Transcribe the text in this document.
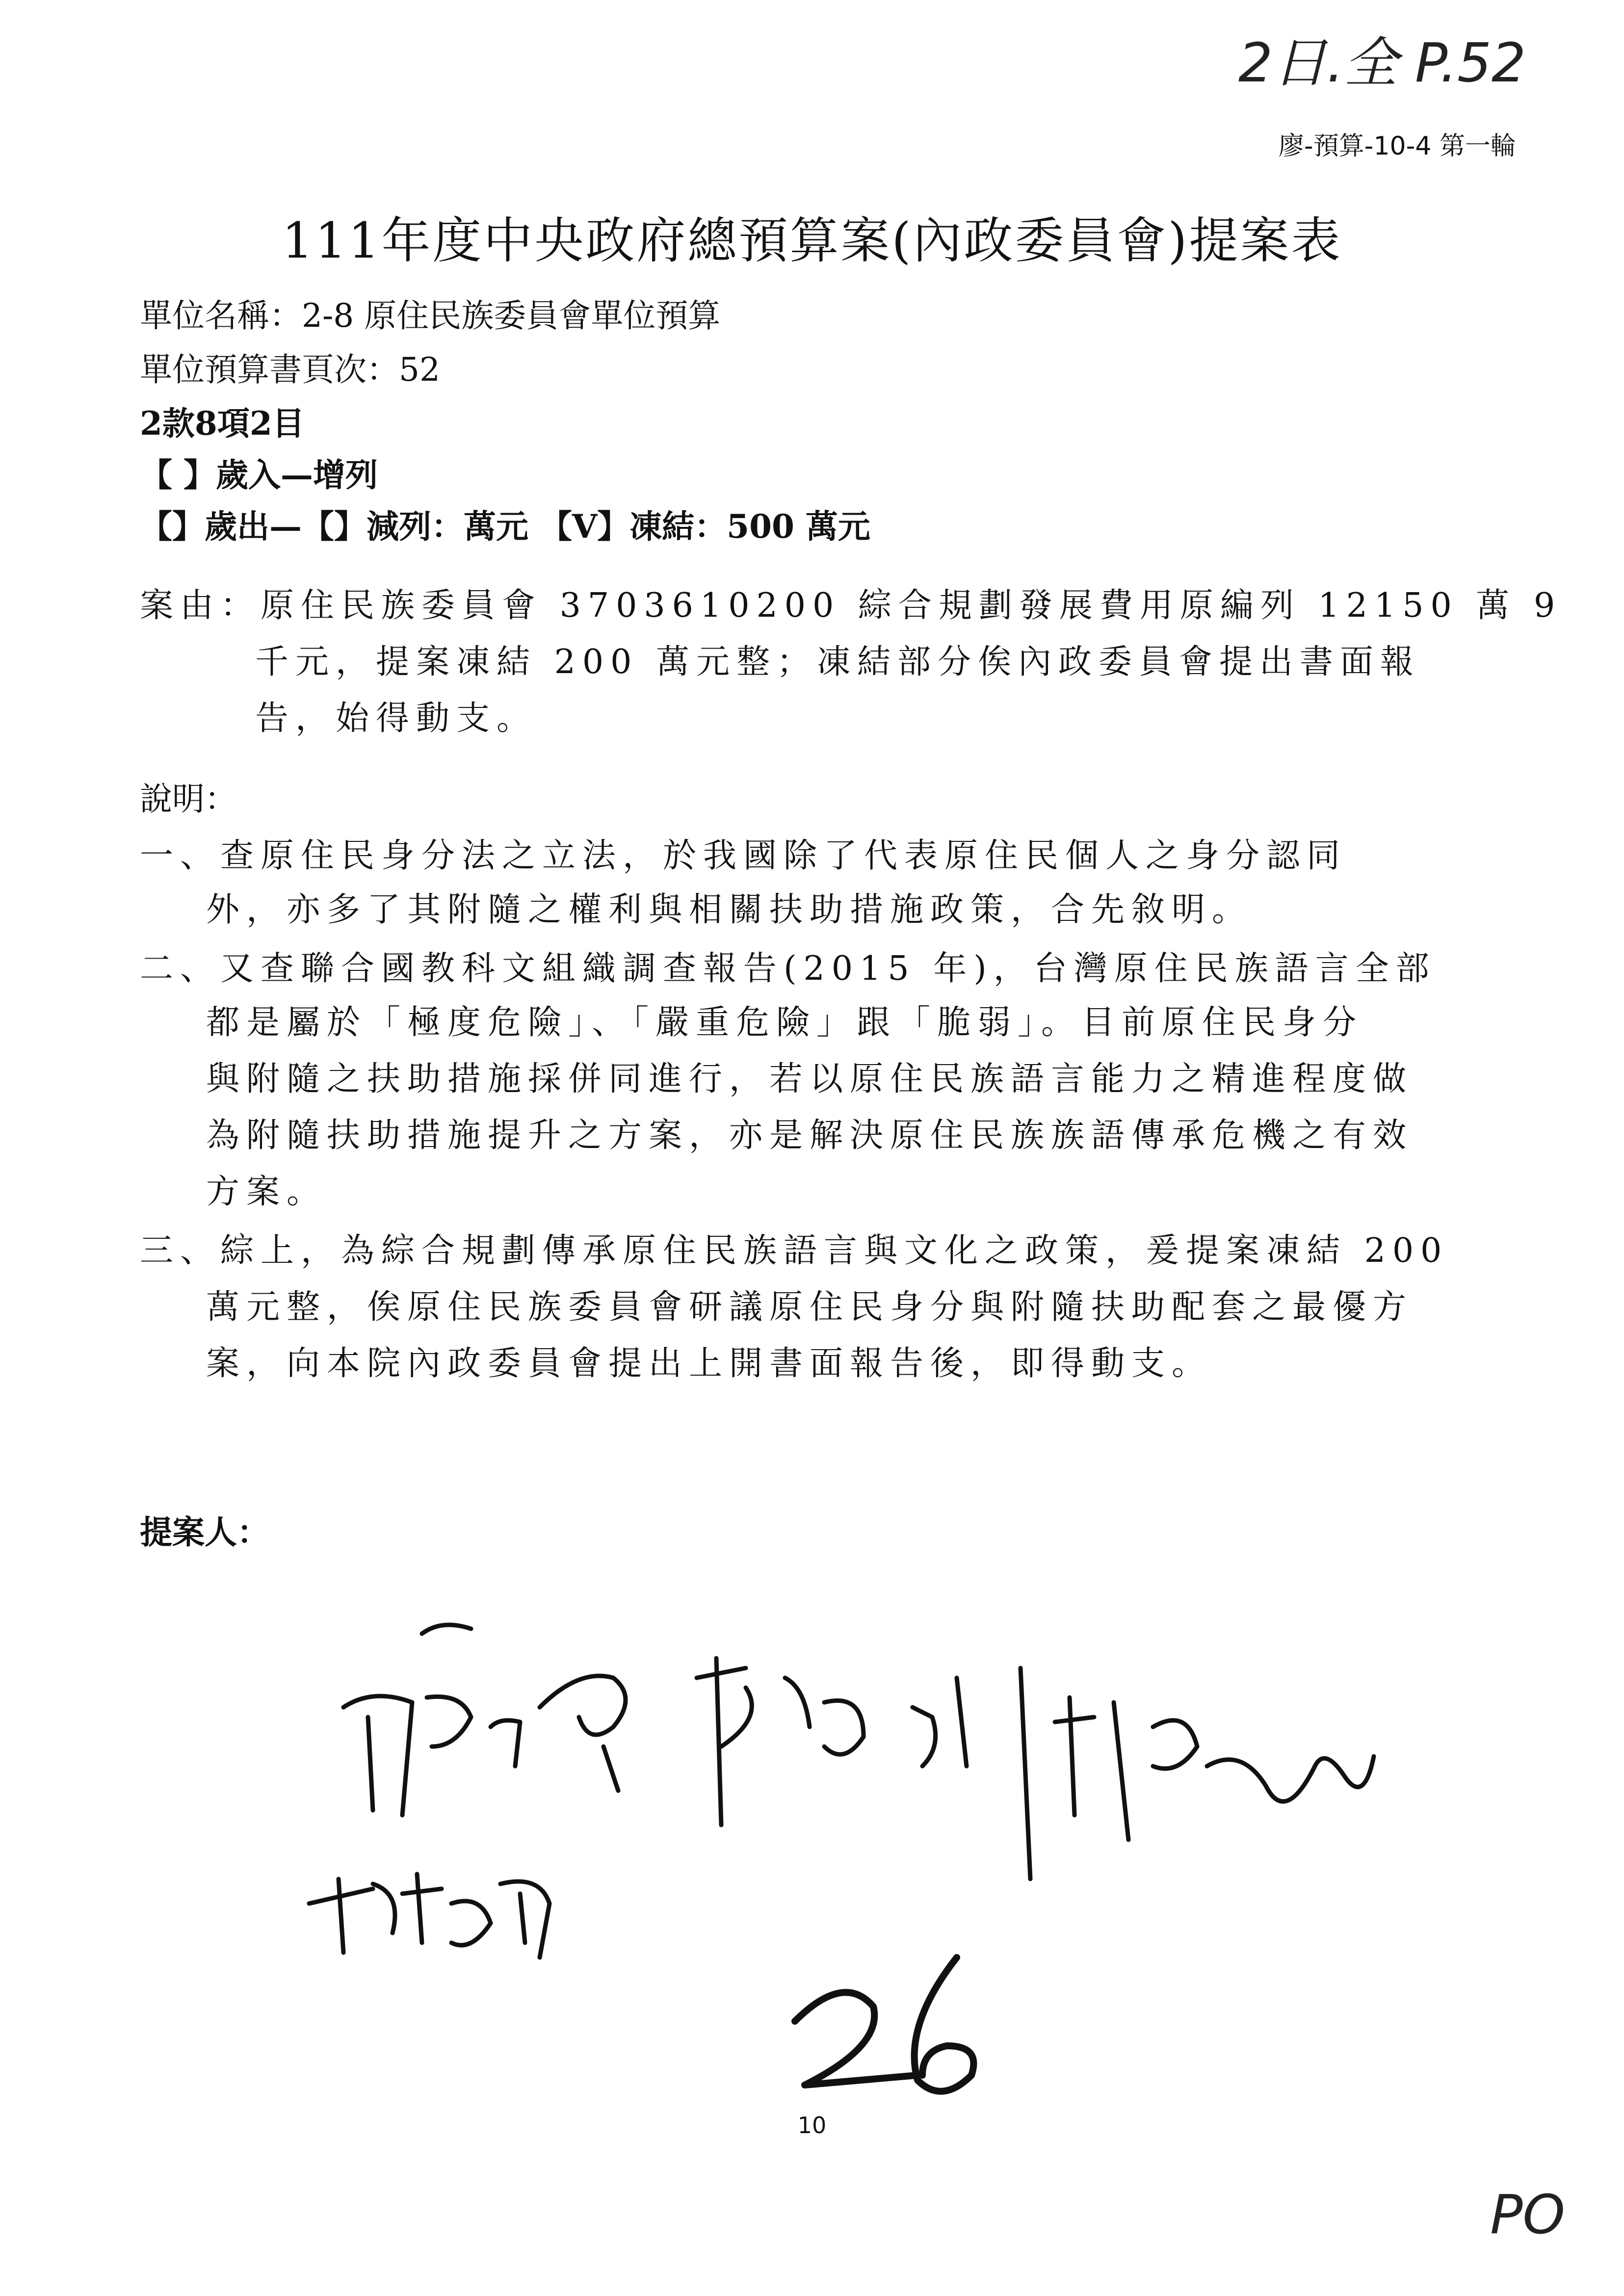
2日.全 P.52
廖-預算-10-4 第一輪
111年度中央政府總預算案(內政委員會)提案表
單位名稱：2-8 原住民族委員會單位預算
單位預算書頁次：52
2款8項2目
【 】歲入—增列
【】歲出—【】減列：萬元 【V】凍結：500 萬元
案由：原住民族委員會 3703610200 綜合規劃發展費用原編列 12150 萬 9
千元，提案凍結 200 萬元整；凍結部分俟內政委員會提出書面報
告，始得動支。
說明：
一、查原住民身分法之立法，於我國除了代表原住民個人之身分認同
外，亦多了其附隨之權利與相關扶助措施政策，合先敘明。
二、又查聯合國教科文組織調查報告(2015 年)，台灣原住民族語言全部
都是屬於「極度危險」、「嚴重危險」跟「脆弱」。目前原住民身分
與附隨之扶助措施採併同進行，若以原住民族語言能力之精進程度做
為附隨扶助措施提升之方案，亦是解決原住民族族語傳承危機之有效
方案。
三、綜上，為綜合規劃傳承原住民族語言與文化之政策，爰提案凍結 200
萬元整，俟原住民族委員會研議原住民身分與附隨扶助配套之最優方
案，向本院內政委員會提出上開書面報告後，即得動支。
提案人：
10
PO
